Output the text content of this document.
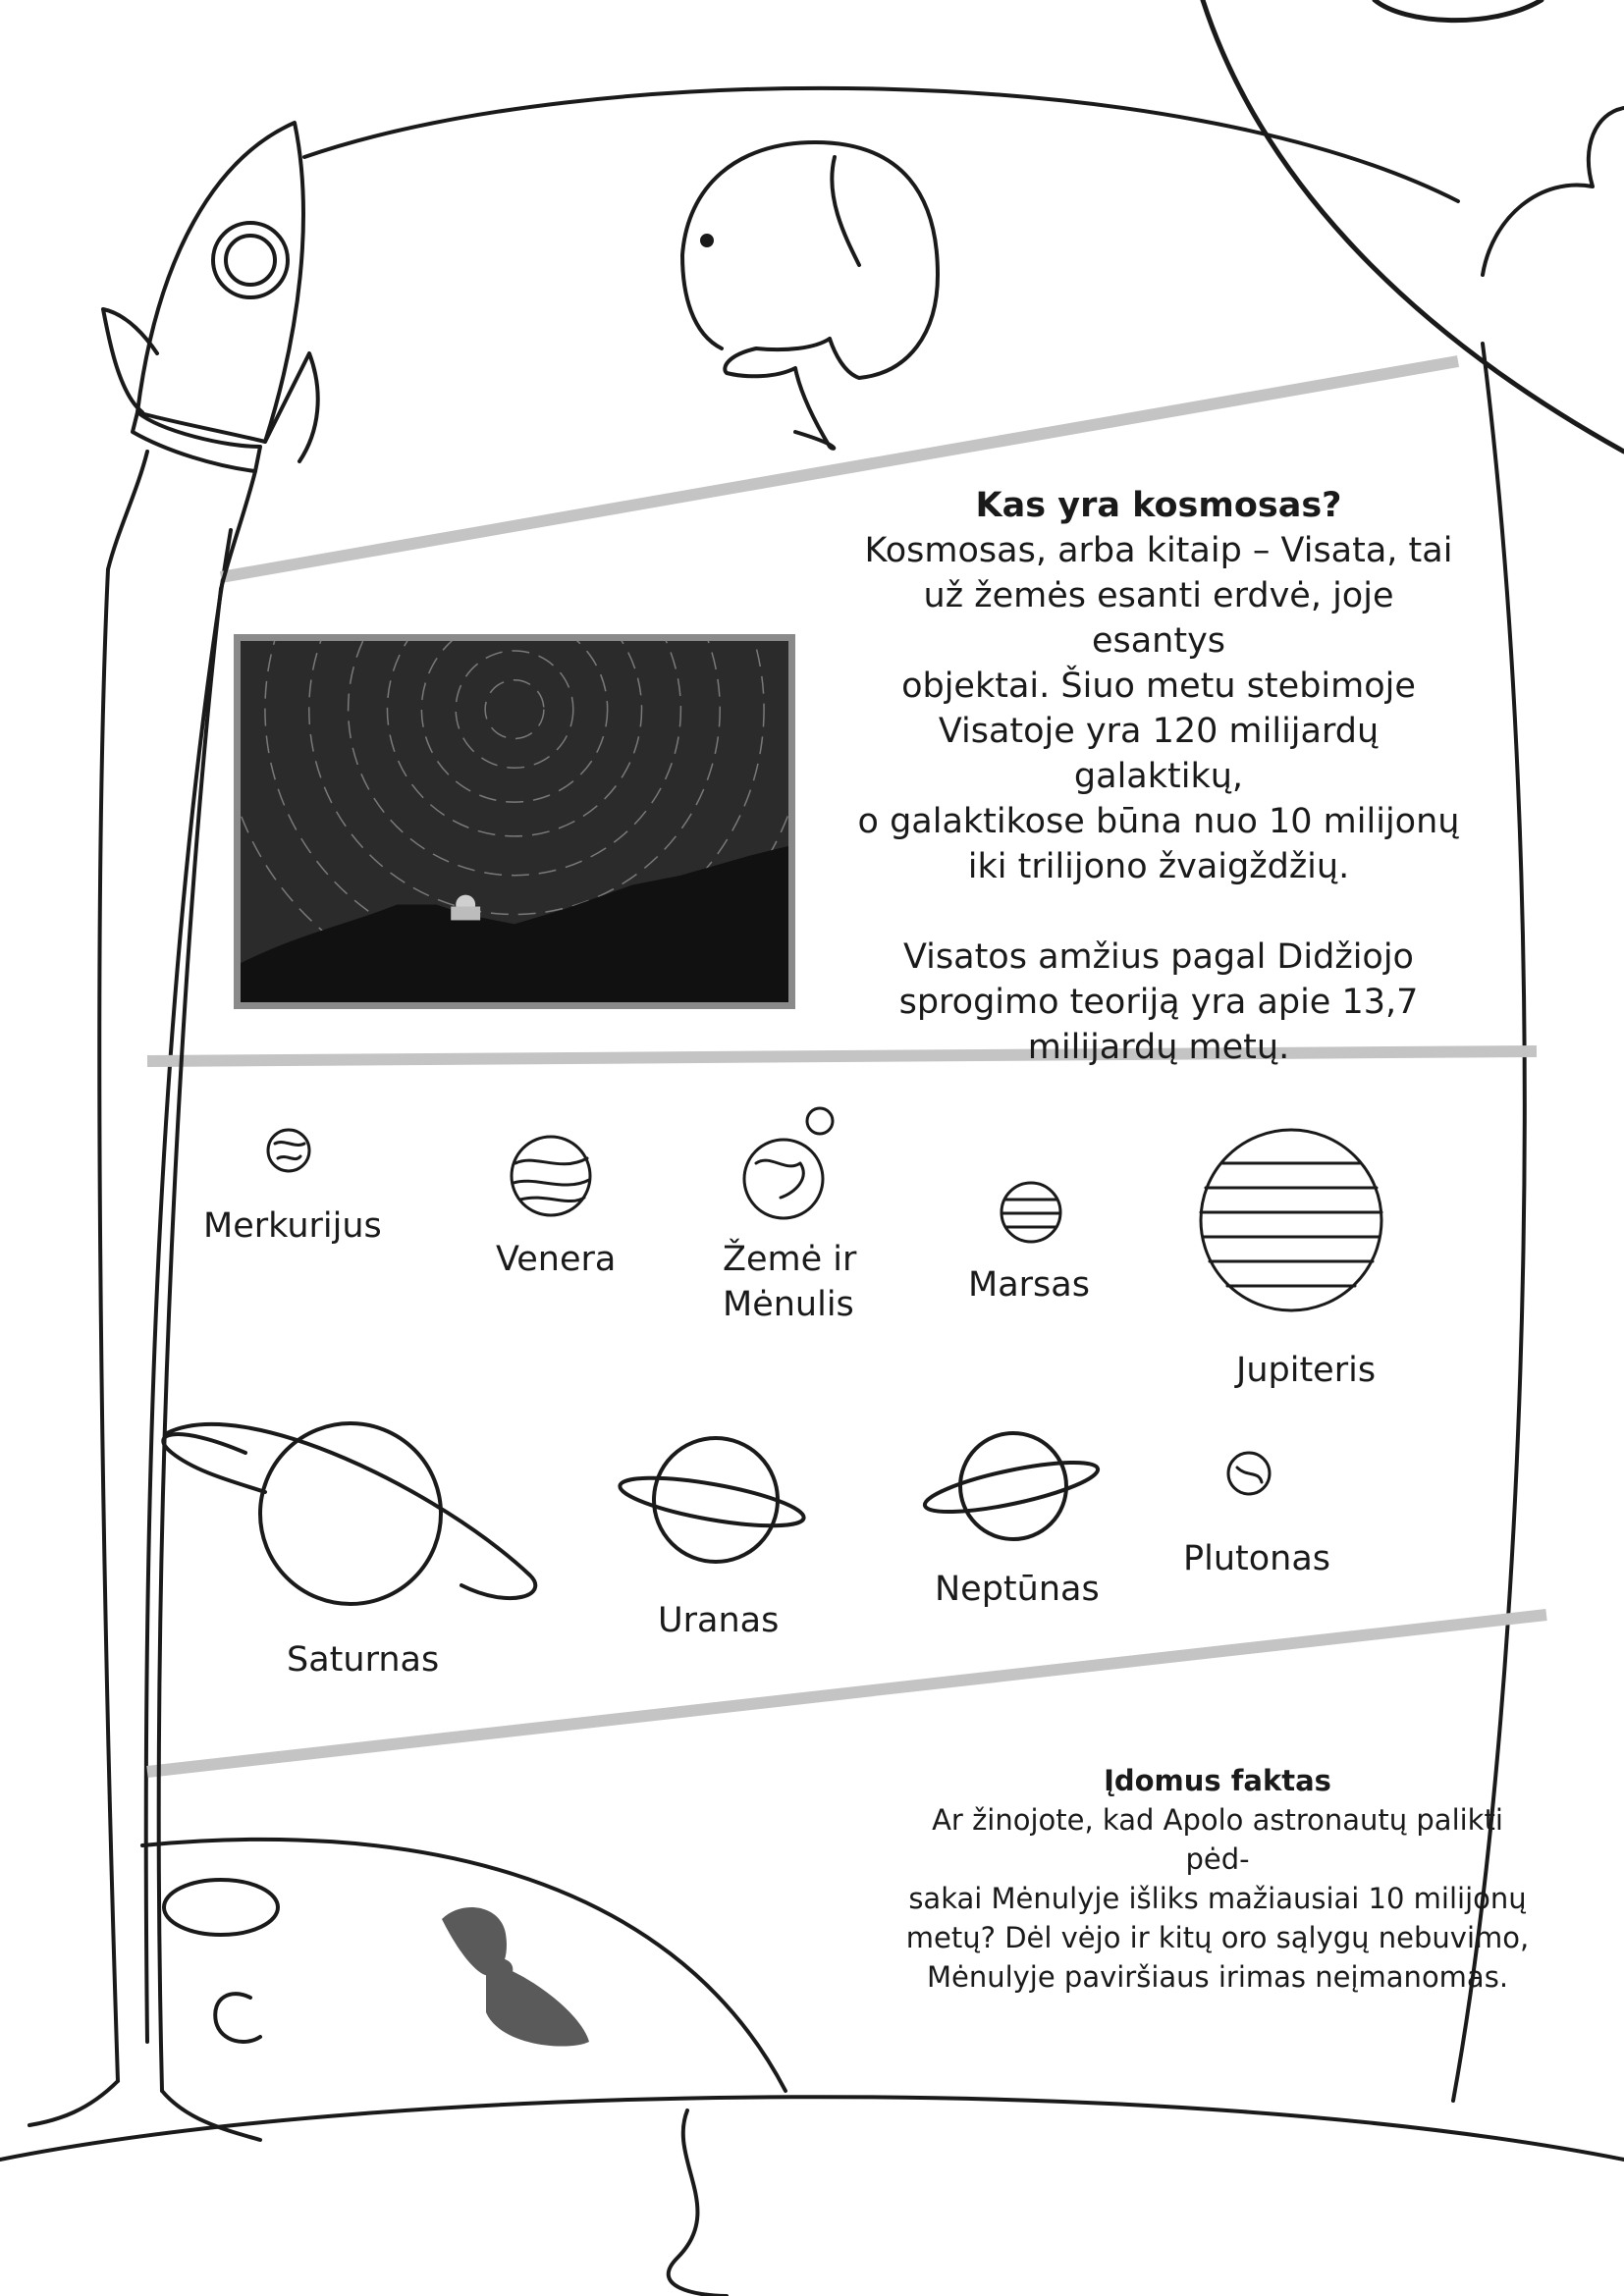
Kas yra kosmosas?

Kosmosas, arba kitaip – Visata, tai

už žemės esanti erdvė, joje esantys

objektai. Šiuo metu stebimoje

Visatoje yra 120 milijardų galaktikų,

o galaktikose būna nuo 10 milijonų

iki trilijono žvaigždžių.

Visatos amžius pagal Didžiojo

sprogimo teoriją yra apie 13,7

milijardų metų.

Merkurijus
Venera	Žemė ir
Mėnulis	Marsas
Jupiteris
Saturnas
Uranas
Neptūnas
Plutonas
Įdomus faktas

Ar žinojote, kad Apolo astronautų palikti pėd-

sakai Mėnulyje išliks mažiausiai 10 milijonų

metų? Dėl vėjo ir kitų oro sąlygų nebuvimo,

Mėnulyje paviršiaus irimas neįmanomas.
